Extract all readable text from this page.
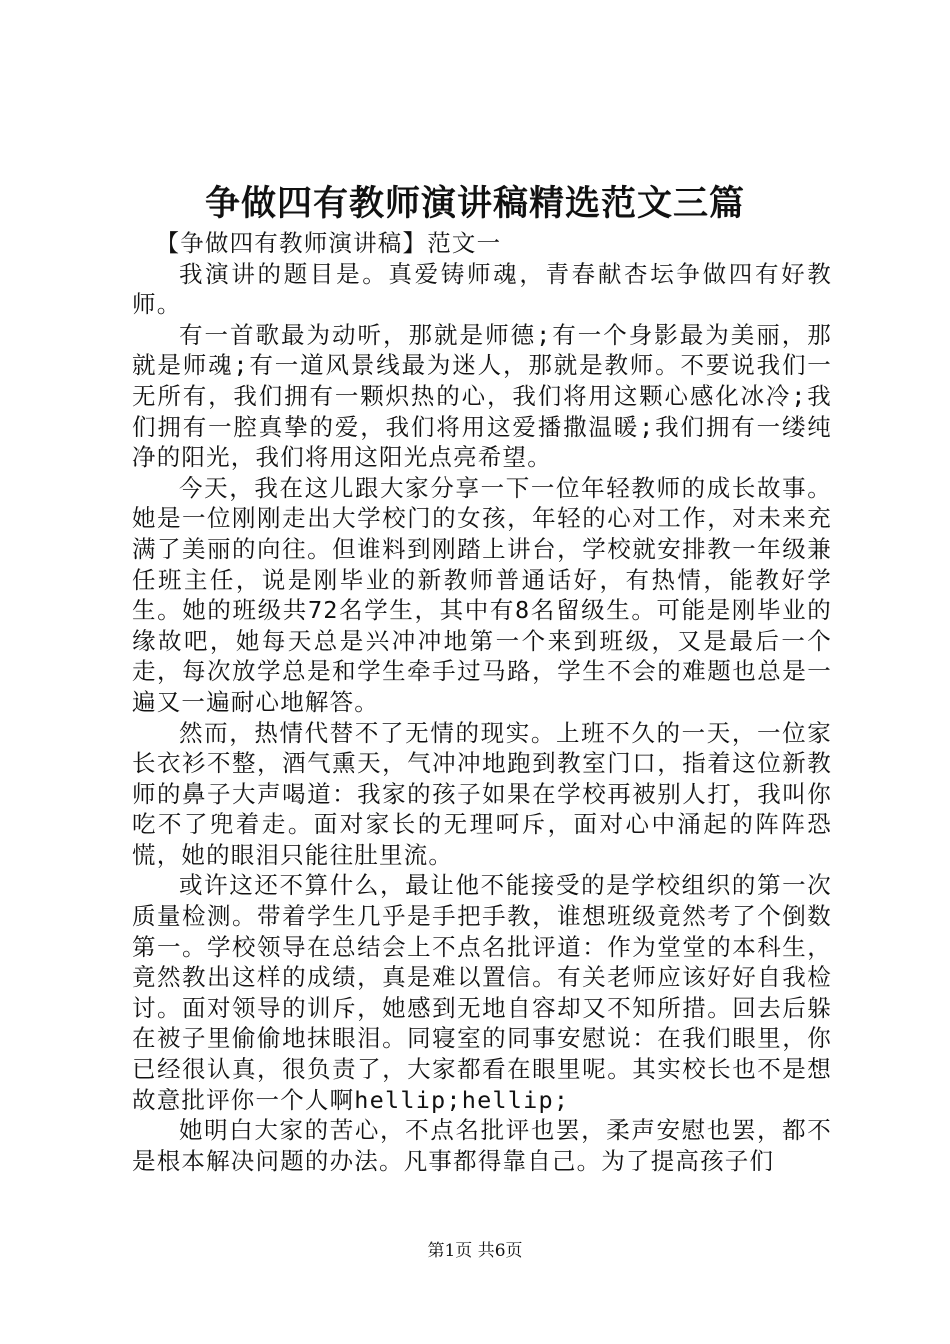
争做四有教师演讲稿精选范文三篇

【争做四有教师演讲稿】范文一

我演讲的题目是。真爱铸师魂，青春献杏坛争做四有好教师。

有一首歌最为动听，那就是师德;有一个身影最为美丽，那就是师魂;有一道风景线最为迷人，那就是教师。不要说我们一无所有，我们拥有一颗炽热的心，我们将用这颗心感化冰冷;我们拥有一腔真挚的爱，我们将用这爱播撒温暖;我们拥有一缕纯净的阳光，我们将用这阳光点亮希望。

今天，我在这儿跟大家分享一下一位年轻教师的成长故事。她是一位刚刚走出大学校门的女孩，年轻的心对工作，对未来充满了美丽的向往。但谁料到刚踏上讲台，学校就安排教一年级兼任班主任，说是刚毕业的新教师普通话好，有热情，能教好学生。她的班级共72名学生，其中有8名留级生。可能是刚毕业的缘故吧，她每天总是兴冲冲地第一个来到班级，又是最后一个走，每次放学总是和学生牵手过马路，学生不会的难题也总是一遍又一遍耐心地解答。

然而，热情代替不了无情的现实。上班不久的一天，一位家长衣衫不整，酒气熏天，气冲冲地跑到教室门口，指着这位新教师的鼻子大声喝道：我家的孩子如果在学校再被别人打，我叫你吃不了兜着走。面对家长的无理呵斥，面对心中涌起的阵阵恐慌，她的眼泪只能往肚里流。

或许这还不算什么，最让他不能接受的是学校组织的第一次质量检测。带着学生几乎是手把手教，谁想班级竟然考了个倒数第一。学校领导在总结会上不点名批评道：作为堂堂的本科生，竟然教出这样的成绩，真是难以置信。有关老师应该好好自我检讨。面对领导的训斥，她感到无地自容却又不知所措。回去后躲在被子里偷偷地抹眼泪。同寝室的同事安慰说：在我们眼里，你已经很认真，很负责了，大家都看在眼里呢。其实校长也不是想故意批评你一个人啊hellip;hellip;

她明白大家的苦心，不点名批评也罢，柔声安慰也罢，都不是根本解决问题的办法。凡事都得靠自己。为了提高孩子们

第1页 共6页
